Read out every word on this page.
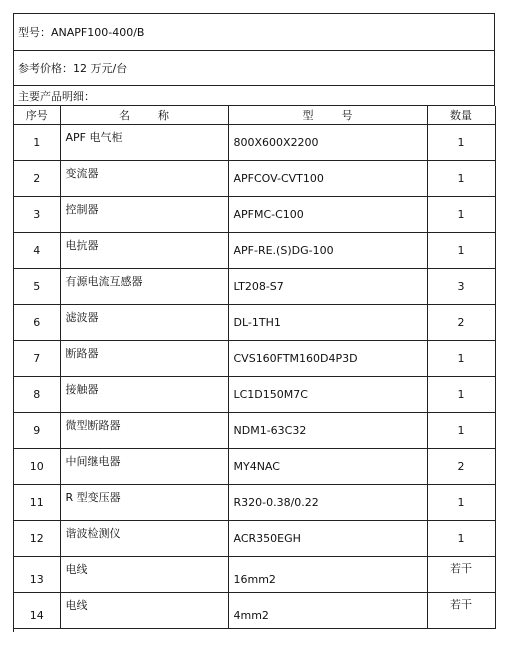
型号：ANAPF100-400/B
参考价格：12 万元/台
主要产品明细：
序号	名 称	型 号	数量
1	APF 电气柜	800X600X2200	1
2	变流器	APFCOV-CVT100	1
3	控制器	APFMC-C100	1
4	电抗器	APF-RE.(S)DG-100	1
5	有源电流互感器	LT208-S7	3
6	滤波器	DL-1TH1	2
7	断路器	CVS160FTM160D4P3D	1
8	接触器	LC1D150M7C	1
9	微型断路器	NDM1-63C32	1
10	中间继电器	MY4NAC	2
11	R 型变压器	R320-0.38/0.22	1
12	谐波检测仪	ACR350EGH	1
13	电线	16mm2	若干
14	电线	4mm2	若干
